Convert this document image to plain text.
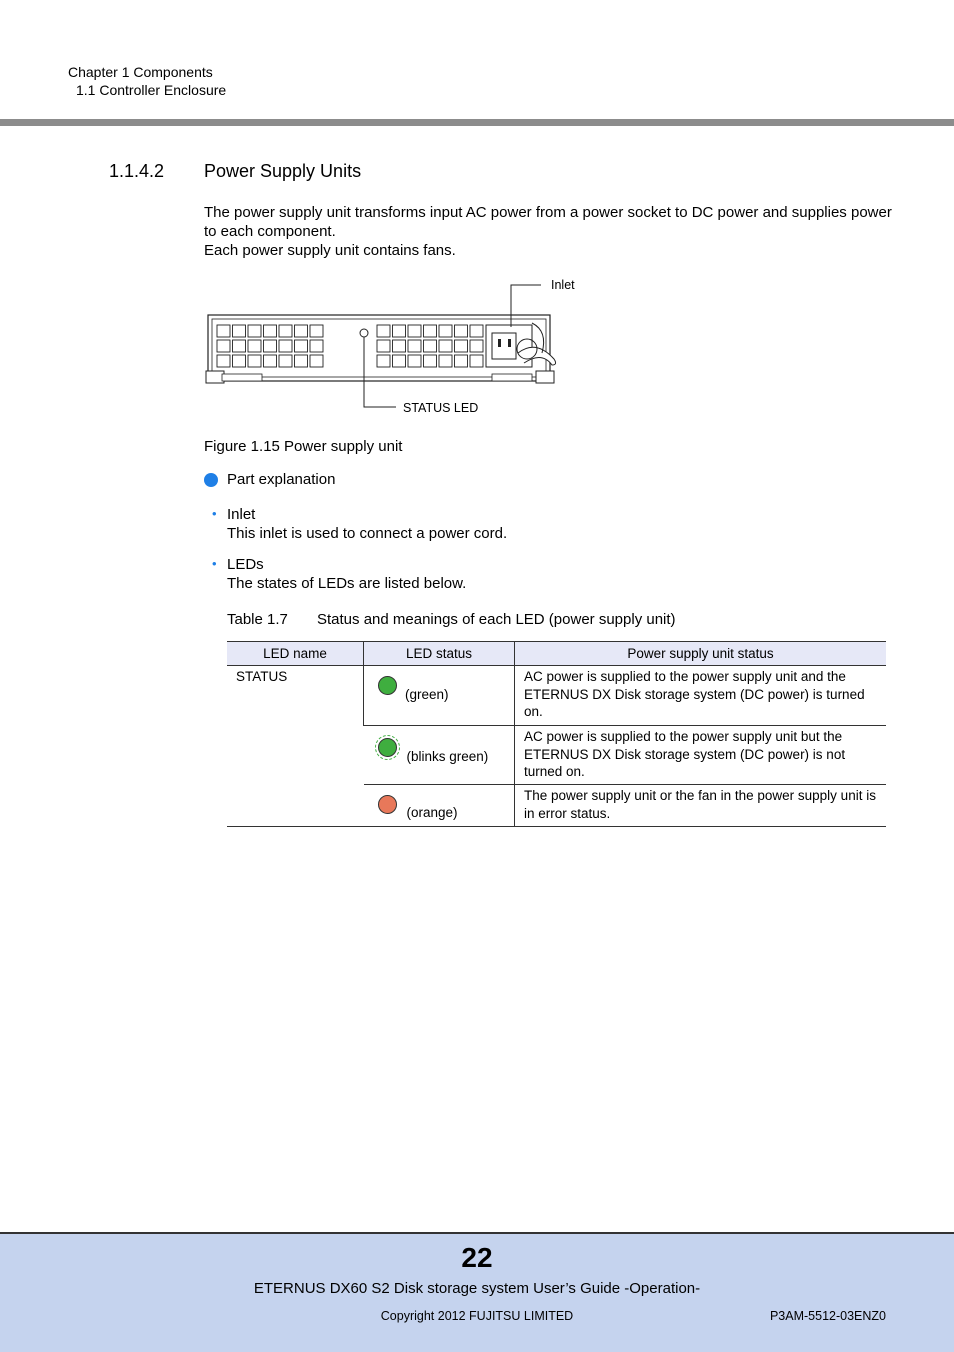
Chapter 1 Components
1.1 Controller Enclosure
1.1.4.2 Power Supply Units

The power supply unit transforms input AC power from a power socket to DC power and supplies power to each component.

Each power supply unit contains fans.

Inlet
STATUS LED
Figure 1.15 Power supply unit
Part explanation
• Inlet
This inlet is used to connect a power cord.
• LEDs
The states of LEDs are listed below.
Table 1.7 Status and meanings of each LED (power supply unit)
LED name	LED status	Power supply unit status
STATUS	(green)	AC power is supplied to the power supply unit and the ETERNUS DX Disk storage system (DC power) is turned on.

	(blinks green)	AC power is supplied to the power supply unit but the ETERNUS DX Disk storage system (DC power) is not turned on.

	(orange)	The power supply unit or the fan in the power supply unit is in error status.
22
ETERNUS DX60 S2 Disk storage system User’s Guide -Operation-
Copyright 2012 FUJITSU LIMITED	P3AM-5512-03ENZ0
